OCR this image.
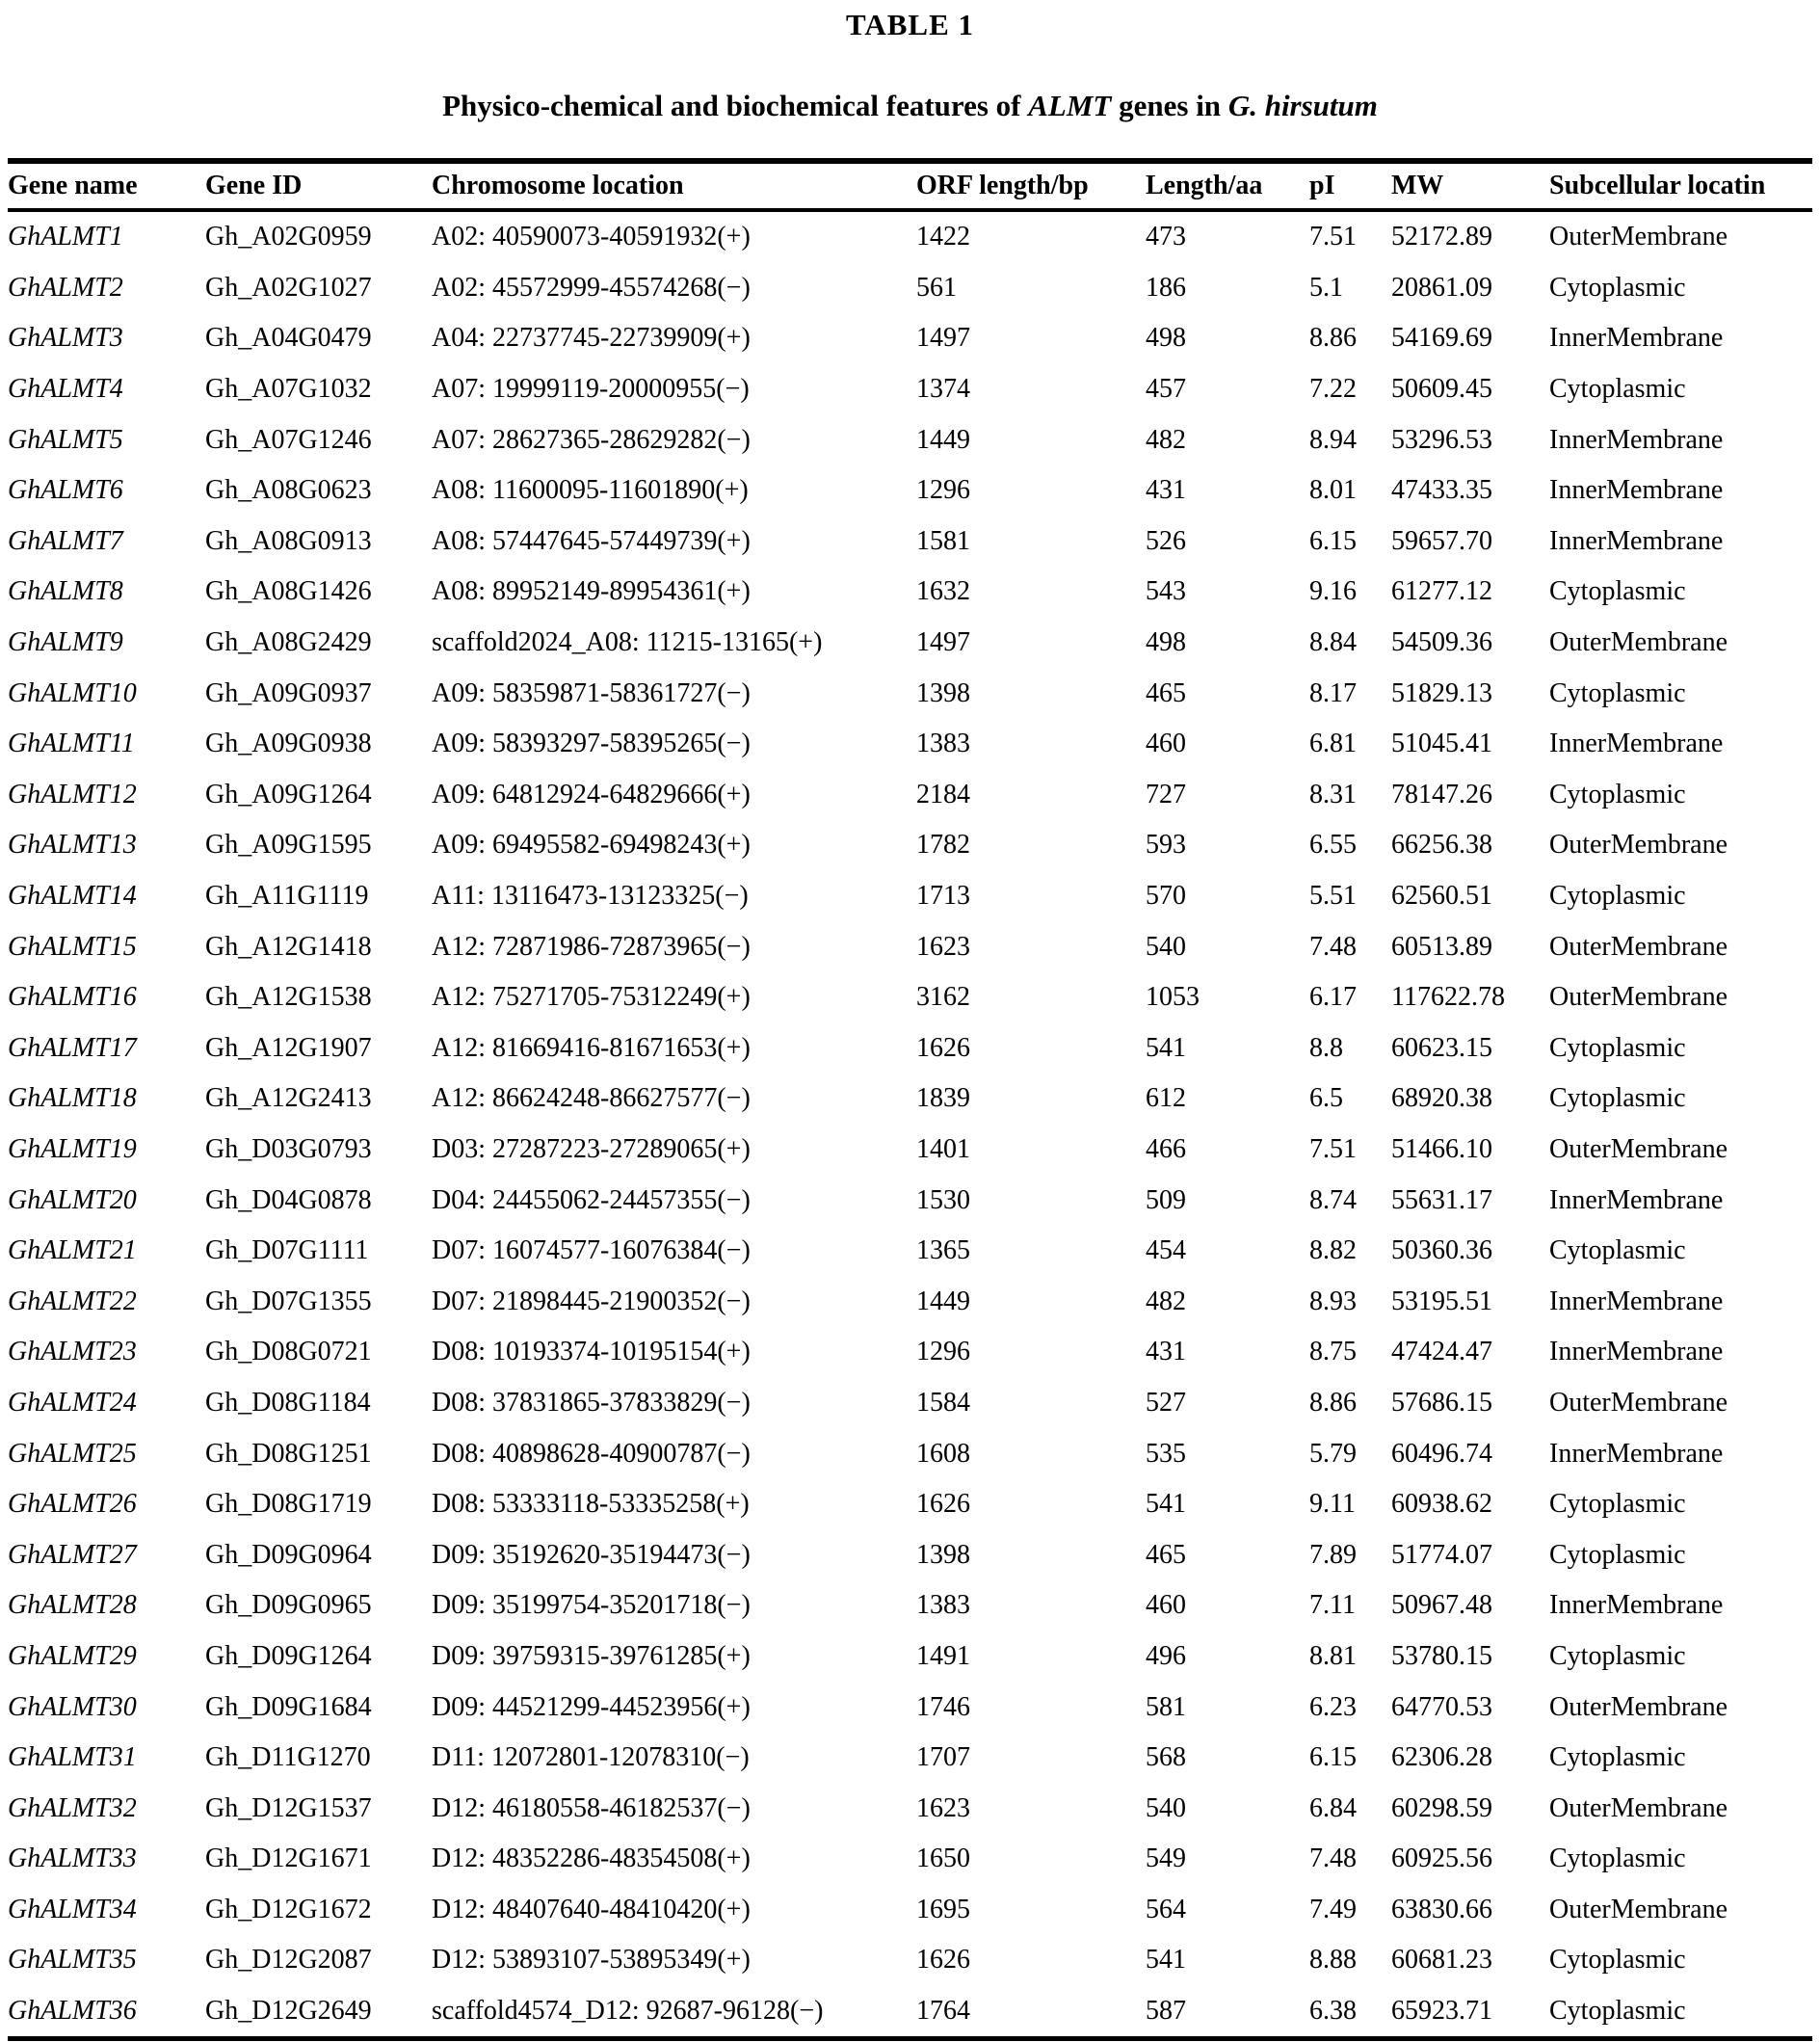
TABLE 1
Physico-chemical and biochemical features of ALMT genes in G. hirsutum
Gene name	Gene ID	Chromosome location	ORF length/bp	Length/aa	pI	MW	Subcellular locatin
GhALMT1	Gh_A02G0959	A02: 40590073-40591932(+)	1422	473	7.51	52172.89	OuterMembrane
GhALMT2	Gh_A02G1027	A02: 45572999-45574268(−)	561	186	5.1	20861.09	Cytoplasmic
GhALMT3	Gh_A04G0479	A04: 22737745-22739909(+)	1497	498	8.86	54169.69	InnerMembrane
GhALMT4	Gh_A07G1032	A07: 19999119-20000955(−)	1374	457	7.22	50609.45	Cytoplasmic
GhALMT5	Gh_A07G1246	A07: 28627365-28629282(−)	1449	482	8.94	53296.53	InnerMembrane
GhALMT6	Gh_A08G0623	A08: 11600095-11601890(+)	1296	431	8.01	47433.35	InnerMembrane
GhALMT7	Gh_A08G0913	A08: 57447645-57449739(+)	1581	526	6.15	59657.70	InnerMembrane
GhALMT8	Gh_A08G1426	A08: 89952149-89954361(+)	1632	543	9.16	61277.12	Cytoplasmic
GhALMT9	Gh_A08G2429	scaffold2024_A08: 11215-13165(+)	1497	498	8.84	54509.36	OuterMembrane
GhALMT10	Gh_A09G0937	A09: 58359871-58361727(−)	1398	465	8.17	51829.13	Cytoplasmic
GhALMT11	Gh_A09G0938	A09: 58393297-58395265(−)	1383	460	6.81	51045.41	InnerMembrane
GhALMT12	Gh_A09G1264	A09: 64812924-64829666(+)	2184	727	8.31	78147.26	Cytoplasmic
GhALMT13	Gh_A09G1595	A09: 69495582-69498243(+)	1782	593	6.55	66256.38	OuterMembrane
GhALMT14	Gh_A11G1119	A11: 13116473-13123325(−)	1713	570	5.51	62560.51	Cytoplasmic
GhALMT15	Gh_A12G1418	A12: 72871986-72873965(−)	1623	540	7.48	60513.89	OuterMembrane
GhALMT16	Gh_A12G1538	A12: 75271705-75312249(+)	3162	1053	6.17	117622.78	OuterMembrane
GhALMT17	Gh_A12G1907	A12: 81669416-81671653(+)	1626	541	8.8	60623.15	Cytoplasmic
GhALMT18	Gh_A12G2413	A12: 86624248-86627577(−)	1839	612	6.5	68920.38	Cytoplasmic
GhALMT19	Gh_D03G0793	D03: 27287223-27289065(+)	1401	466	7.51	51466.10	OuterMembrane
GhALMT20	Gh_D04G0878	D04: 24455062-24457355(−)	1530	509	8.74	55631.17	InnerMembrane
GhALMT21	Gh_D07G1111	D07: 16074577-16076384(−)	1365	454	8.82	50360.36	Cytoplasmic
GhALMT22	Gh_D07G1355	D07: 21898445-21900352(−)	1449	482	8.93	53195.51	InnerMembrane
GhALMT23	Gh_D08G0721	D08: 10193374-10195154(+)	1296	431	8.75	47424.47	InnerMembrane
GhALMT24	Gh_D08G1184	D08: 37831865-37833829(−)	1584	527	8.86	57686.15	OuterMembrane
GhALMT25	Gh_D08G1251	D08: 40898628-40900787(−)	1608	535	5.79	60496.74	InnerMembrane
GhALMT26	Gh_D08G1719	D08: 53333118-53335258(+)	1626	541	9.11	60938.62	Cytoplasmic
GhALMT27	Gh_D09G0964	D09: 35192620-35194473(−)	1398	465	7.89	51774.07	Cytoplasmic
GhALMT28	Gh_D09G0965	D09: 35199754-35201718(−)	1383	460	7.11	50967.48	InnerMembrane
GhALMT29	Gh_D09G1264	D09: 39759315-39761285(+)	1491	496	8.81	53780.15	Cytoplasmic
GhALMT30	Gh_D09G1684	D09: 44521299-44523956(+)	1746	581	6.23	64770.53	OuterMembrane
GhALMT31	Gh_D11G1270	D11: 12072801-12078310(−)	1707	568	6.15	62306.28	Cytoplasmic
GhALMT32	Gh_D12G1537	D12: 46180558-46182537(−)	1623	540	6.84	60298.59	OuterMembrane
GhALMT33	Gh_D12G1671	D12: 48352286-48354508(+)	1650	549	7.48	60925.56	Cytoplasmic
GhALMT34	Gh_D12G1672	D12: 48407640-48410420(+)	1695	564	7.49	63830.66	OuterMembrane
GhALMT35	Gh_D12G2087	D12: 53893107-53895349(+)	1626	541	8.88	60681.23	Cytoplasmic
GhALMT36	Gh_D12G2649	scaffold4574_D12: 92687-96128(−)	1764	587	6.38	65923.71	Cytoplasmic
